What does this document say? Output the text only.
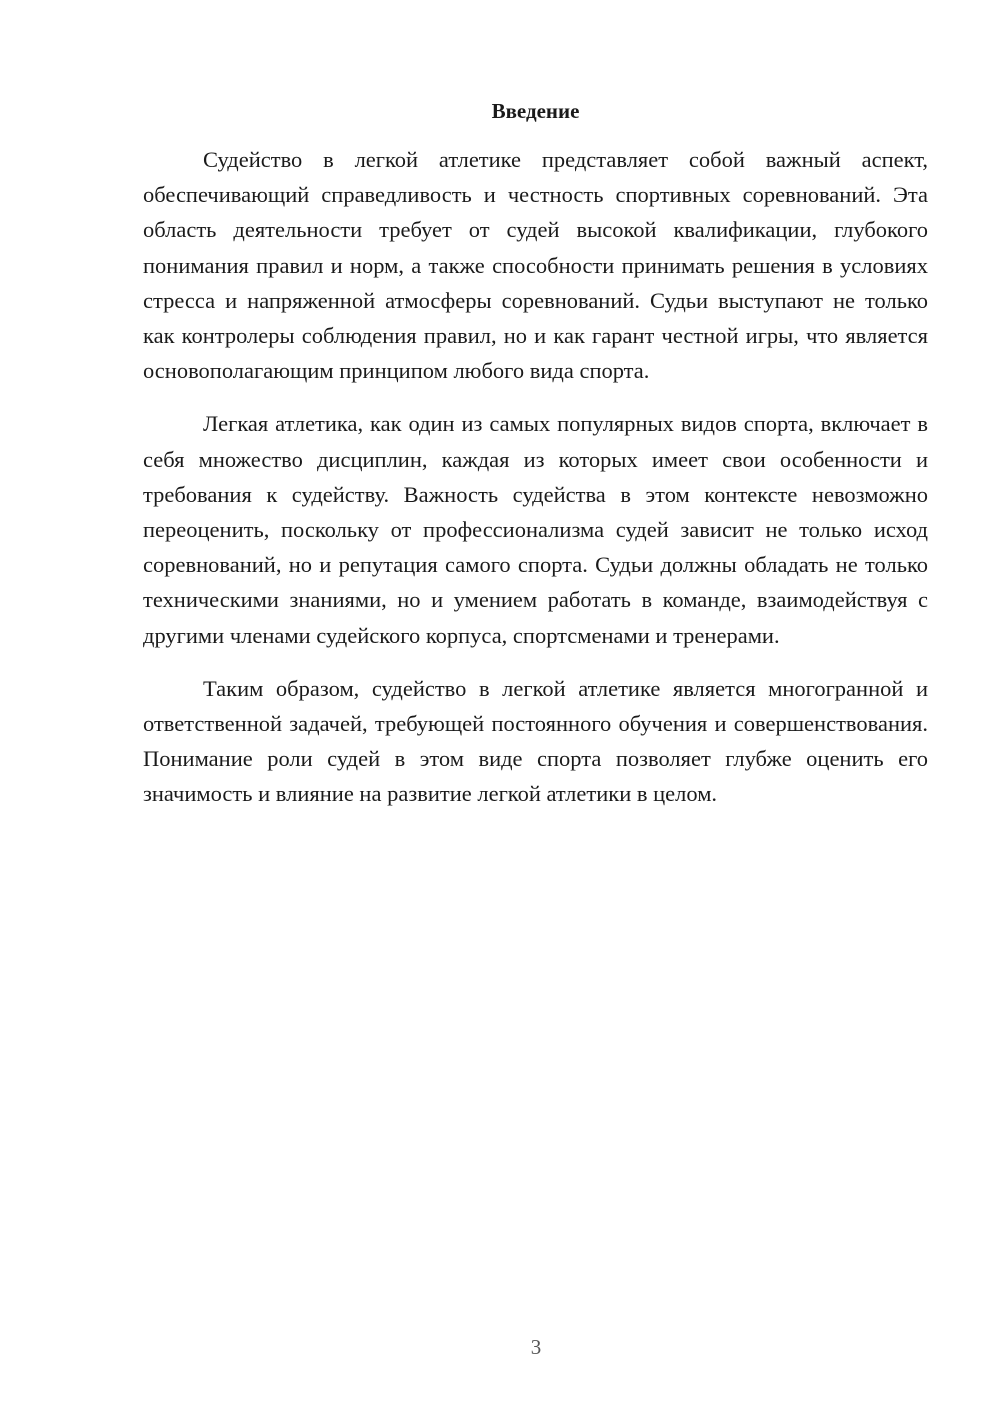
Введение

Судейство в легкой атлетике представляет собой важный аспект, обеспечивающий справедливость и честность спортивных соревнований. Эта область деятельности требует от судей высокой квалификации, глубокого понимания правил и норм, а также способности принимать решения в условиях стресса и напряженной атмосферы соревнований. Судьи выступают не только как контролеры соблюдения правил, но и как гарант честной игры, что является основополагающим принципом любого вида спорта.

Легкая атлетика, как один из самых популярных видов спорта, включает в себя множество дисциплин, каждая из которых имеет свои особенности и требования к судейству. Важность судейства в этом контексте невозможно переоценить, поскольку от профессионализма судей зависит не только исход соревнований, но и репутация самого спорта. Судьи должны обладать не только техническими знаниями, но и умением работать в команде, взаимодействуя с другими членами судейского корпуса, спортсменами и тренерами.

Таким образом, судейство в легкой атлетике является многогранной и ответственной задачей, требующей постоянного обучения и совершенствования. Понимание роли судей в этом виде спорта позволяет глубже оценить его значимость и влияние на развитие легкой атлетики в целом.

3
